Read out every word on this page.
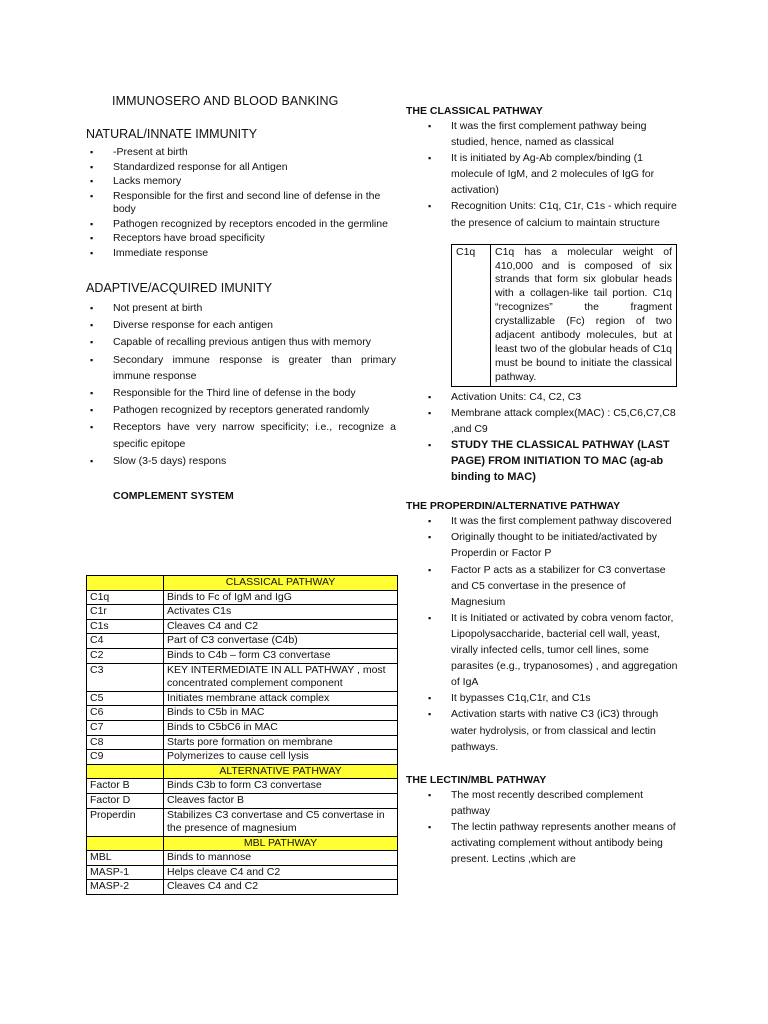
IMMUNOSERO AND BLOOD BANKING
NATURAL/INNATE IMMUNITY
▪ -Present at birth
▪ Standardized response for all Antigen
▪ Lacks memory
▪ Responsible for the first and second line of defense in the body
▪ Pathogen recognized by receptors encoded in the germline
▪ Receptors have broad specificity
▪ Immediate response
ADAPTIVE/ACQUIRED IMUNITY
▪ Not present at birth
▪ Diverse response for each antigen
▪ Capable of recalling previous antigen thus with memory
▪ Secondary immune response is greater than primary immune response
▪ Responsible for the Third line of defense in the body
▪ Pathogen recognized by receptors generated randomly
▪ Receptors have very narrow specificity; i.e., recognize a specific epitope
▪ Slow (3-5 days) respons
COMPLEMENT SYSTEM
	CLASSICAL PATHWAY
C1q	Binds to Fc of IgM and IgG
C1r	Activates C1s
C1s	Cleaves C4 and C2
C4	Part of C3 convertase (C4b)
C2	Binds to C4b – form C3 convertase
C3	KEY INTERMEDIATE IN ALL PATHWAY , most concentrated complement component
C5	Initiates membrane attack complex
C6	Binds to C5b in MAC
C7	Binds to C5bC6 in MAC
C8	Starts pore formation on membrane
C9	Polymerizes to cause cell lysis
	ALTERNATIVE PATHWAY
Factor B	Binds C3b to form C3 convertase
Factor D	Cleaves factor B
Properdin	Stabilizes C3 convertase and C5 convertase in the presence of magnesium
	MBL PATHWAY
MBL	Binds to mannose
MASP-1	Helps cleave C4 and C2
MASP-2	Cleaves C4 and C2
THE CLASSICAL PATHWAY
▪ It was the first complement pathway being studied, hence, named as classical
▪ It is initiated by Ag-Ab complex/binding (1 molecule of IgM, and 2 molecules of IgG for activation)
▪ Recognition Units: C1q, C1r, C1s - which require the presence of calcium to maintain structure
C1q	C1q has a molecular weight of 410,000 and is composed of six strands that form six globular heads with a collagen-like tail portion. C1q “recognizes” the fragment crystallizable (Fc) region of two adjacent antibody molecules, but at least two of the globular heads of C1q must be bound to initiate the classical pathway.
▪ Activation Units: C4, C2, C3
▪ Membrane attack complex(MAC) : C5,C6,C7,C8 ,and C9
▪ STUDY THE CLASSICAL PATHWAY (LAST PAGE) FROM INITIATION TO MAC (ag-ab binding to MAC)
THE PROPERDIN/ALTERNATIVE PATHWAY
▪ It was the first complement pathway discovered
▪ Originally thought to be initiated/activated by Properdin or Factor P
▪ Factor P acts as a stabilizer for C3 convertase and C5 convertase in the presence of Magnesium
▪ It is Initiated or activated by cobra venom factor, Lipopolysaccharide, bacterial cell wall, yeast, virally infected cells, tumor cell lines, some parasites (e.g., trypanosomes) , and aggregation of IgA
▪ It bypasses C1q,C1r, and C1s
▪ Activation starts with native C3 (iC3) through water hydrolysis, or from classical and lectin pathways.
THE LECTIN/MBL PATHWAY
▪ The most recently described complement pathway
▪ The lectin pathway represents another means of activating complement without antibody being present. Lectins ,which are
